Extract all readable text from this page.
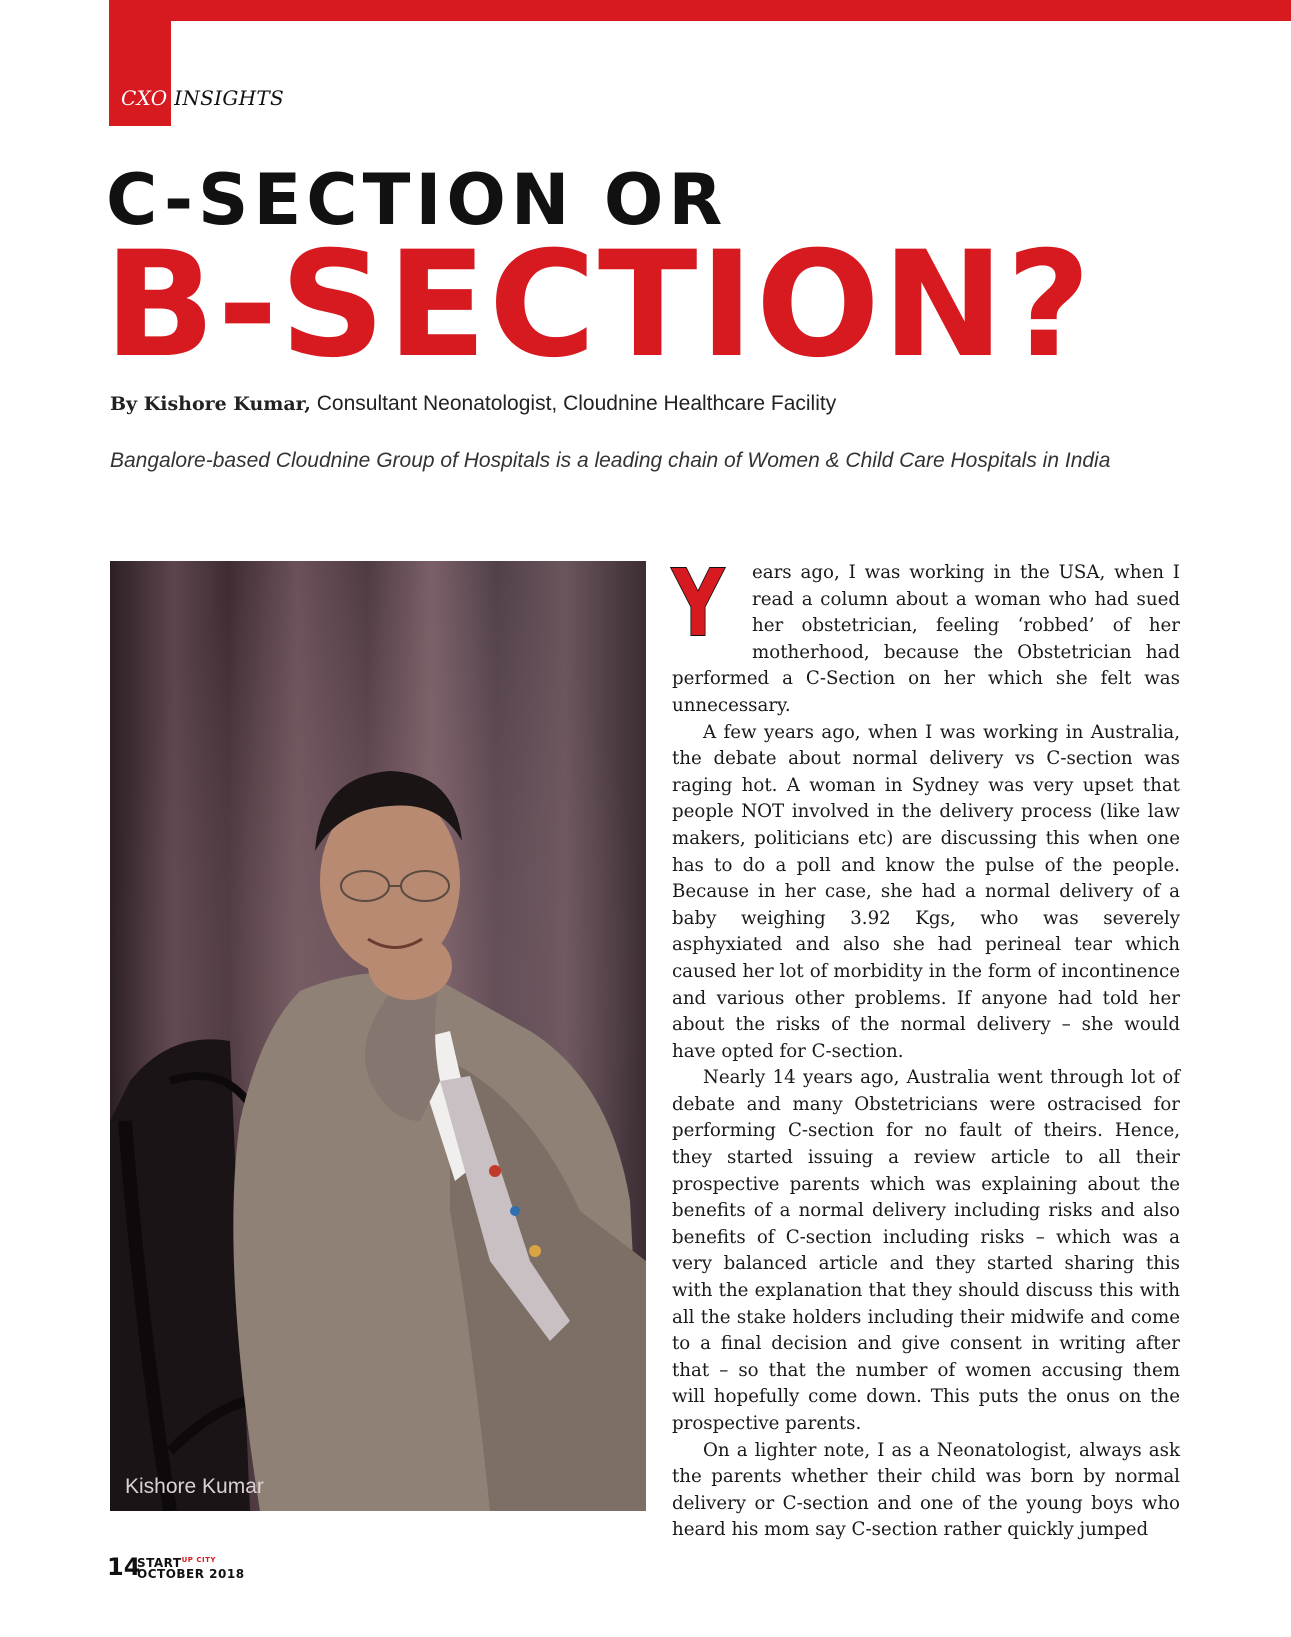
CXO INSIGHTS
C-SECTION OR
B-SECTION?
By Kishore Kumar, Consultant Neonatologist, Cloudnine Healthcare Facility
Bangalore-based Cloudnine Group of Hospitals is a leading chain of Women & Child Care Hospitals in India
Kishore Kumar

Y ears ago, I was working in the USA, when I read a column about a woman who had sued her obstetrician, feeling ‘robbed’ of her motherhood, because the Obstetrician had performed a C-Section on her which she felt was unnecessary.

A few years ago, when I was working in Australia, the debate about normal delivery vs C-section was raging hot. A woman in Sydney was very upset that people NOT involved in the delivery process (like law makers, politicians etc) are discussing this when one has to do a poll and know the pulse of the people. Because in her case, she had a normal delivery of a baby weighing 3.92 Kgs, who was severely asphyxiated and also she had perineal tear which caused her lot of morbidity in the form of incontinence and various other problems. If anyone had told her about the risks of the normal delivery – she would have opted for C-section.

Nearly 14 years ago, Australia went through lot of debate and many Obstetricians were ostracised for performing C-section for no fault of theirs. Hence, they started issuing a review article to all their prospective parents which was explaining about the benefits of a normal delivery including risks and also benefits of C-section including risks – which was a very balanced article and they started sharing this with the explanation that they should discuss this with all the stake holders including their midwife and come to a final decision and give consent in writing after that – so that the number of women accusing them will hopefully come down. This puts the onus on the prospective parents.

On a lighter note, I as a Neonatologist, always ask the parents whether their child was born by normal delivery or C-section and one of the young boys who heard his mom say C-section rather quickly jumped

14
$START^{UP CITY}$
OCTOBER 2018
